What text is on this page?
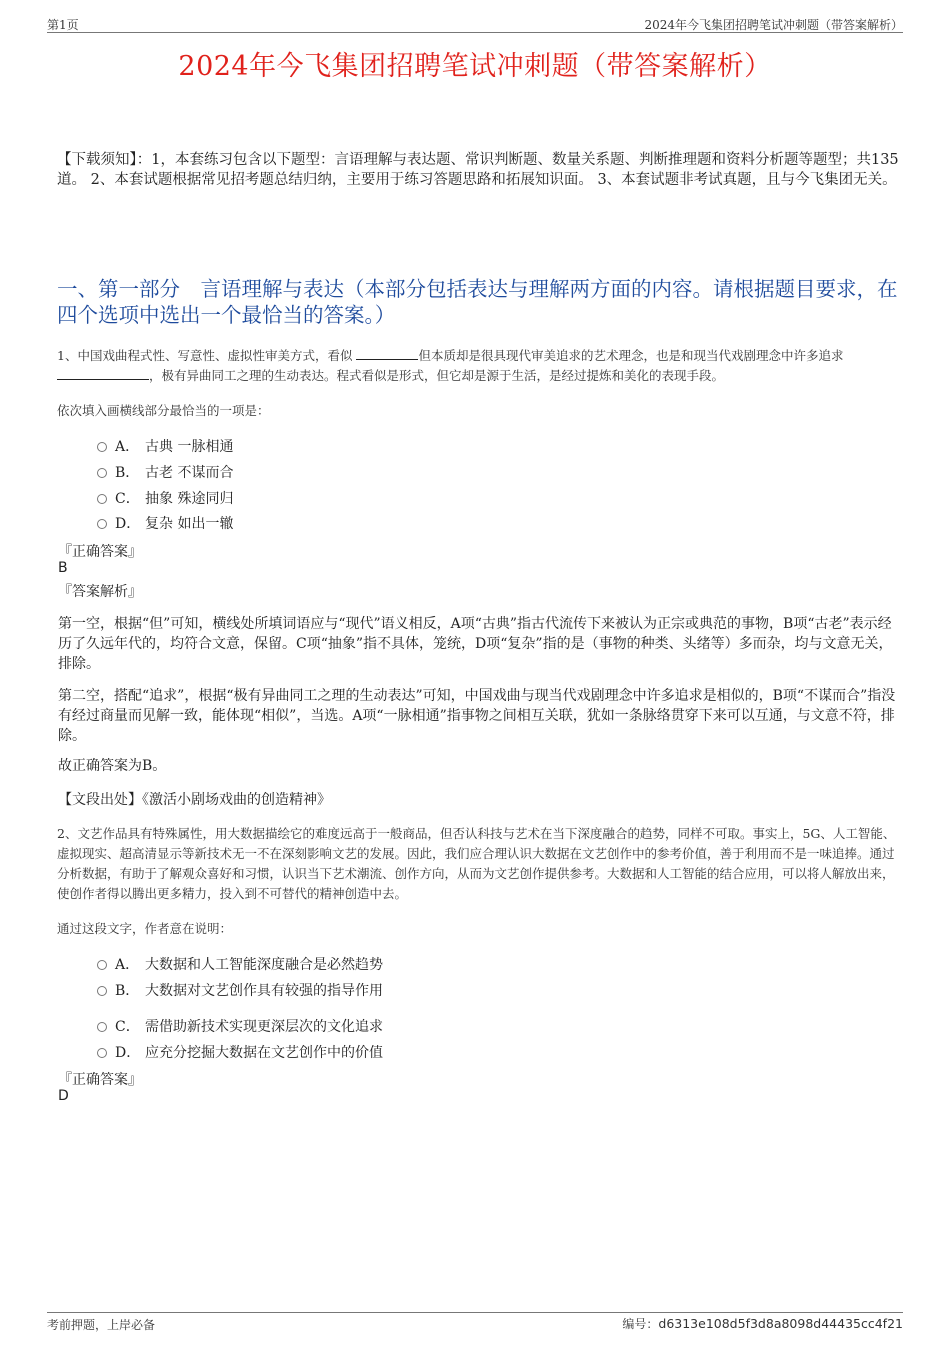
第1页	2024年今飞集团招聘笔试冲刺题（带答案解析）
2024年今飞集团招聘笔试冲刺题（带答案解析）
【下载须知】：1，本套练习包含以下题型：言语理解与表达题、常识判断题、数量关系题、判断推理题和资料分析题等题型；共135道。 2、本套试题根据常见招考题总结归纳，主要用于练习答题思路和拓展知识面。 3、本套试题非考试真题，且与今飞集团无关。
一、第一部分　言语理解与表达（本部分包括表达与理解两方面的内容。请根据题目要求，在四个选项中选出一个最恰当的答案。）
1、中国戏曲程式性、写意性、虚拟性审美方式，看似	但本质却是很具现代审美追求的艺术理念，也是和现当代戏剧理念中许多追求
，极有异曲同工之理的生动表达。程式看似是形式，但它却是源于生活，是经过提炼和美化的表现手段。
依次填入画横线部分最恰当的一项是：
A． 古典 一脉相通
B． 古老 不谋而合
C． 抽象 殊途同归
D． 复杂 如出一辙
『正确答案』
B
『答案解析』
第一空，根据“但”可知，横线处所填词语应与“现代”语义相反，A项“古典”指古代流传下来被认为正宗或典范的事物，B项“古老”表示经历了久远年代的，均符合文意，保留。C项“抽象”指不具体，笼统，D项“复杂”指的是（事物的种类、头绪等）多而杂，均与文意无关，排除。
第二空，搭配“追求”，根据“极有异曲同工之理的生动表达”可知，中国戏曲与现当代戏剧理念中许多追求是相似的，B项“不谋而合”指没有经过商量而见解一致，能体现“相似”，当选。A项“一脉相通”指事物之间相互关联，犹如一条脉络贯穿下来可以互通，与文意不符，排除。
故正确答案为B。
【文段出处】《激活小剧场戏曲的创造精神》
2、文艺作品具有特殊属性，用大数据描绘它的难度远高于一般商品，但否认科技与艺术在当下深度融合的趋势，同样不可取。事实上，5G、人工智能、虚拟现实、超高清显示等新技术无一不在深刻影响文艺的发展。因此，我们应合理认识大数据在文艺创作中的参考价值，善于利用而不是一味追捧。通过分析数据，有助于了解观众喜好和习惯，认识当下艺术潮流、创作方向，从而为文艺创作提供参考。大数据和人工智能的结合应用，可以将人解放出来，使创作者得以腾出更多精力，投入到不可替代的精神创造中去。
通过这段文字，作者意在说明：
A． 大数据和人工智能深度融合是必然趋势
B． 大数据对文艺创作具有较强的指导作用
C． 需借助新技术实现更深层次的文化追求
D． 应充分挖掘大数据在文艺创作中的价值
『正确答案』
D
考前押题，上岸必备	编号：d6313e108d5f3d8a8098d44435cc4f21
